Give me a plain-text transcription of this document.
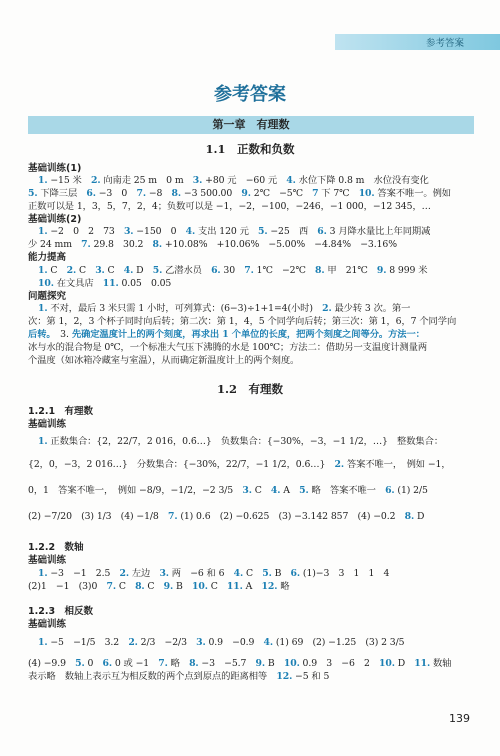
参考答案
参考答案
第一章　有理数
1.1　正数和负数
基础训练(1)
1. −15 米　2. 向南走 25 m　0 m　3. +80 元　−60 元　4. 水位下降 0.8 m　水位没有变化
5. 下降三层　6. −3　0　7. −8　8. −3 500.00　9. 2℃　−5℃　7 下 7℃　10. 答案不唯一。例如
正数可以是 1，3，5，7，2，4；负数可以是 −1，−2，−100，−246，−1 000，−12 345，…
基础训练(2)
1. −2　0　2　73　3. −150　0　4. 支出 120 元　5. −25　西　6. 3 月降水量比上年同期减
少 24 mm　7. 29.8　30.2　8. +10.08%　+10.06%　−5.00%　−4.84%　−3.16%
能力提高
1. C　2. C　3. C　4. D　5. 乙潜水员　6. 30　7. 1℃　−2℃　8. 甲　21℃　9. 8 999 米
10. 在文具店　11. 0.05　0.05
问题探究
1. 不对，最后 3 米只需 1 小时，可列算式：(6−3)÷1+1=4(小时)　2. 最少转 3 次。第一
次：第 1，2，3 个杯子同时向后转；第二次：第 1，4，5 个同学向后转；第三次：第 1，6，7 个同学向
后转。　3. 先确定温度计上的两个刻度，再求出 1 个单位的长度，把两个刻度之间等分。方法一：
冰与水的混合物是 0℃，一个标准大气压下沸腾的水是 100℃；方法二：借助另一支温度计测量两
个温度（如冰箱冷藏室与室温），从而确定新温度计上的两个刻度。
1.2　有理数
1.2.1　有理数
基础训练
1. 正数集合：{2，22/7，2 016，0.6̇…}　负数集合：{−30%，−3，−1 1/2，…}　整数集合：
{2，0，−3，2 016…}　分数集合：{−30%，22/7，−1 1/2，0.6̇…}　2. 答案不唯一，　例如 −1，
0，1　答案不唯一，　例如 −8/9，−1/2，−2 3/5　3. C　4. A　5. 略　答案不唯一　6. (1) 2/5
(2) −7/20　(3) 1/3　(4) −1/8　7. (1) 0.6　(2) −0.625　(3) −3.142 857　(4) −0.2̇　8. D
1.2.2　数轴
基础训练
1. −3　−1　2.5　2. 左边　3. 两　−6 和 6　4. C　5. B　6. (1)−3　3　1　1　4
(2)1　−1　(3)0　7. C　8. C　9. B　10. C　11. A　12. 略
1.2.3　相反数
基础训练
1. −5　−1/5　3.2　2. 2/3　−2/3　3. 0.9　−0.9　4. (1) 69　(2) −1.25　(3) 2 3/5
(4) −9.9　5. 0　6. 0 或 −1　7. 略　8. −3　−5.7　9. B　10. 0.9　3　−6　2　10. D　11. 数轴
表示略　数轴上表示互为相反数的两个点到原点的距离相等　12. −5 和 5
139
